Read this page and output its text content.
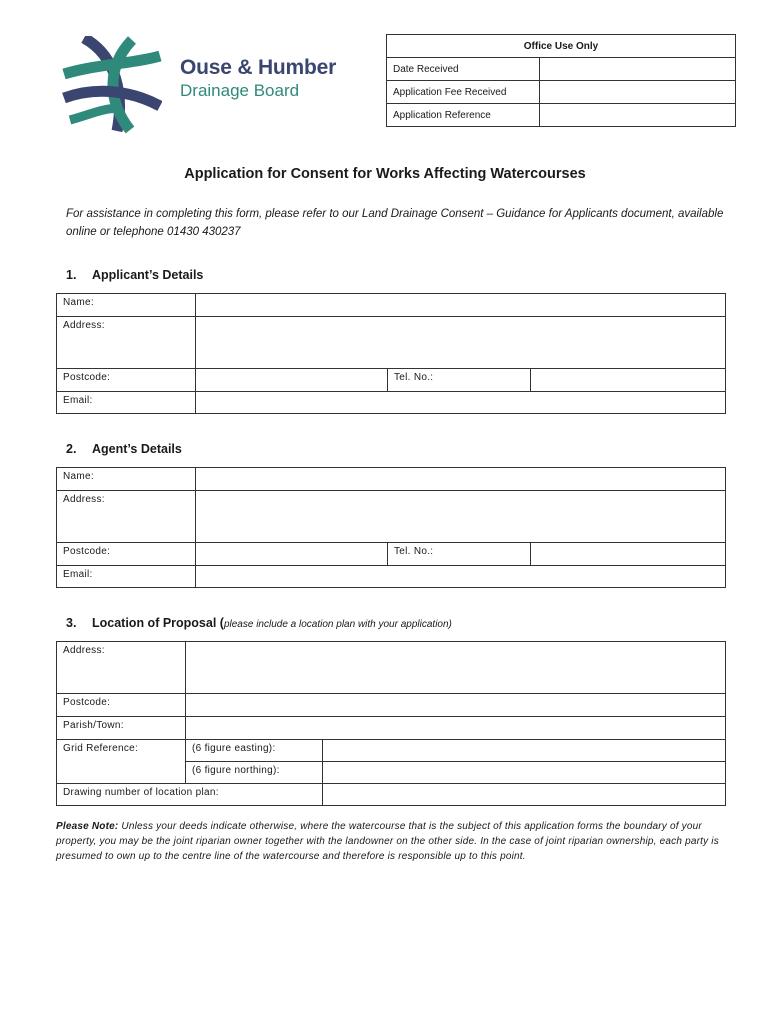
Ouse & Humber
Drainage Board
Office Use Only	
Date Received	
Application Fee Received	
Application Reference	
Application for Consent for Works Affecting Watercourses
For assistance in completing this form, please refer to our Land Drainage Consent – Guidance for Applicants document, available online or telephone 01430 430237
1. Applicant’s Details
Name:			
Address:			
Postcode:		Tel. No.:	
Email:			
2. Agent’s Details
Name:			
Address:			
Postcode:		Tel. No.:	
Email:			
3. Location of Proposal (please include a location plan with your application)
Address:		
Postcode:		
Parish/Town:		
Grid Reference:	(6 figure easting):	
	(6 figure northing):	
Drawing number of location plan:		
Please Note: Unless your deeds indicate otherwise, where the watercourse that is the subject of this application forms the boundary of your property, you may be the joint riparian owner together with the landowner on the other side. In the case of joint riparian ownership, each party is presumed to own up to the centre line of the watercourse and therefore is responsible up to this point.
